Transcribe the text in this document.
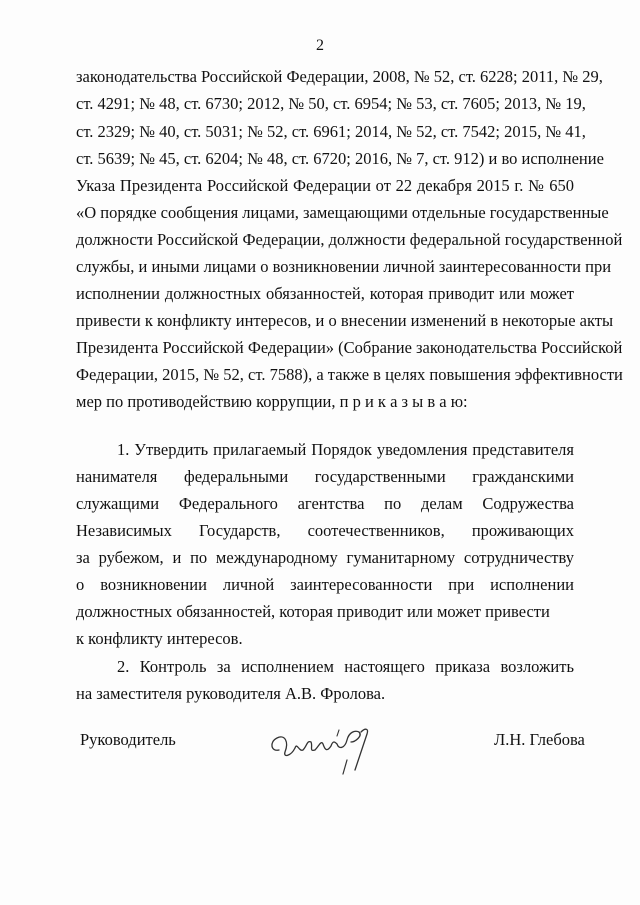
2
законодательства Российской Федерации, 2008, № 52, ст. 6228; 2011, № 29,
ст. 4291; № 48, ст. 6730; 2012, № 50, ст. 6954; № 53, ст. 7605; 2013, № 19,
ст. 2329; № 40, ст. 5031; № 52, ст. 6961; 2014, № 52, ст. 7542; 2015, № 41,
ст. 5639; № 45, ст. 6204; № 48, ст. 6720; 2016, № 7, ст. 912) и во исполнение
Указа Президента Российской Федерации от 22 декабря 2015 г. № 650
«О порядке сообщения лицами, замещающими отдельные государственные
должности Российской Федерации, должности федеральной государственной
службы, и иными лицами о возникновении личной заинтересованности при
исполнении должностных обязанностей, которая приводит или может
привести к конфликту интересов, и о внесении изменений в некоторые акты
Президента Российской Федерации» (Собрание законодательства Российской
Федерации, 2015, № 52, ст. 7588), а также в целях повышения эффективности
мер по противодействию коррупции, п р и к а з ы в а ю:
1. Утвердить прилагаемый Порядок уведомления представителя
нанимателя федеральными государственными гражданскими
служащими Федерального агентства по делам Содружества
Независимых Государств, соотечественников, проживающих
за рубежом, и по международному гуманитарному сотрудничеству
о возникновении личной заинтересованности при исполнении
должностных обязанностей, которая приводит или может привести
к конфликту интересов.
2. Контроль за исполнением настоящего приказа возложить
на заместителя руководителя А.В. Фролова.
Руководитель	Л.Н. Глебова
